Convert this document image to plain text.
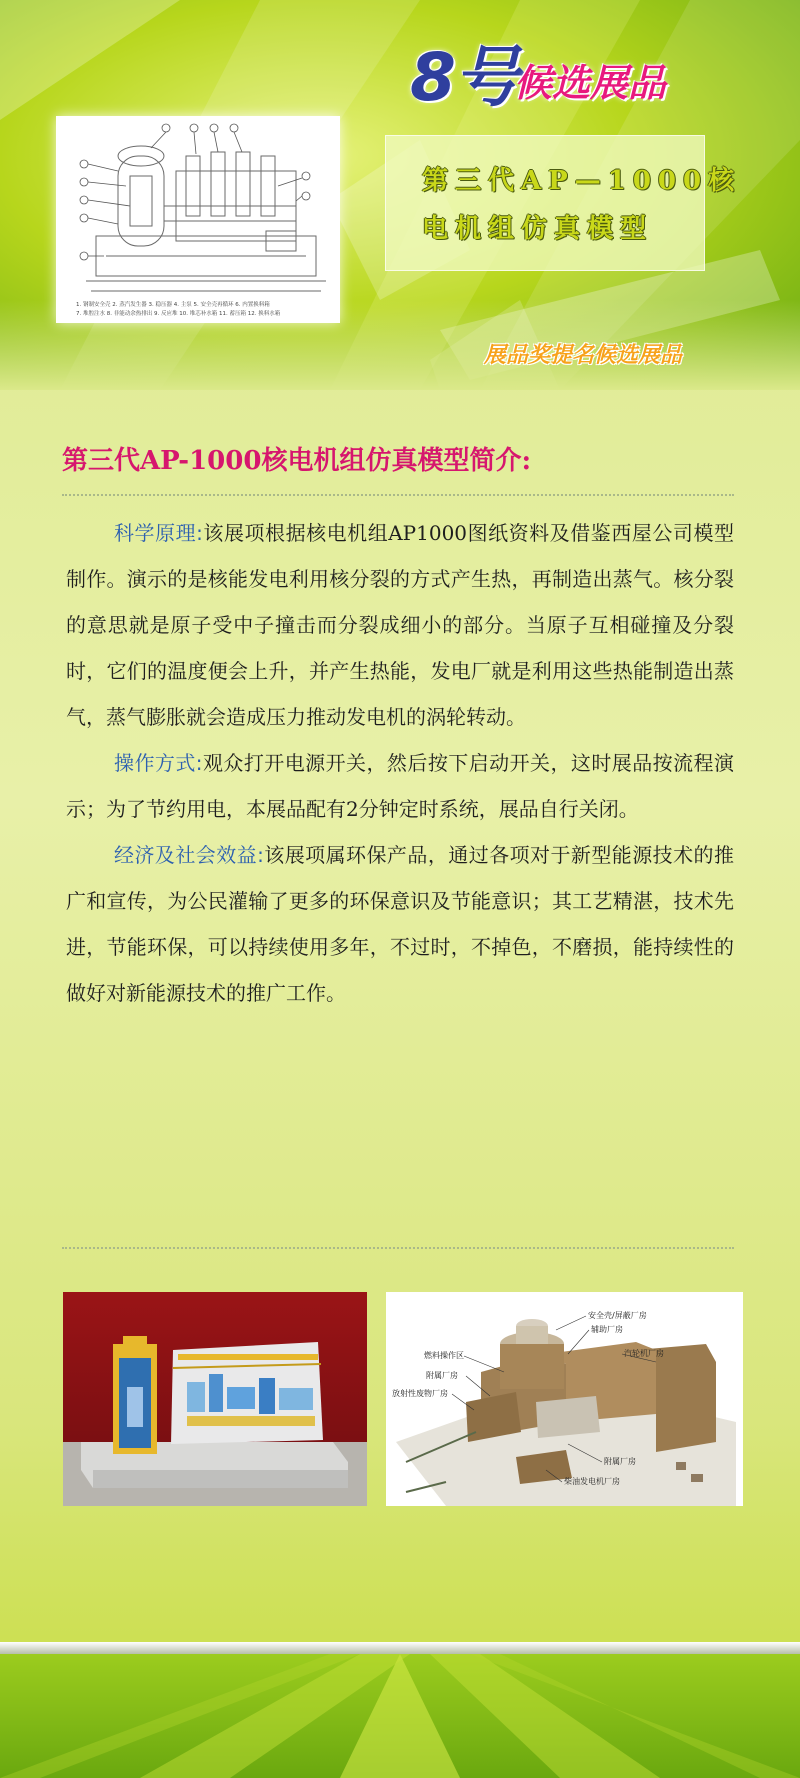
8号
候选展品
1. 钢制安全壳 2. 蒸汽发生器 3. 稳压器 4. 主泵 5. 安全壳再循环 6. 内置换料箱
7. 堆腔注水 8. 非能动余热排出 9. 反应堆 10. 堆芯补水箱 11. 蓄压箱 12. 换料水箱
第三代AP—1000核
电机组仿真模型
展品奖提名候选展品
第三代AP-1000核电机组仿真模型简介:

科学原理:该展项根据核电机组AP1000图纸资料及借鉴西屋公司模型制作。演示的是核能发电利用核分裂的方式产生热，再制造出蒸气。核分裂的意思就是原子受中子撞击而分裂成细小的部分。当原子互相碰撞及分裂时，它们的温度便会上升，并产生热能，发电厂就是利用这些热能制造出蒸气，蒸气膨胀就会造成压力推动发电机的涡轮转动。

操作方式:观众打开电源开关，然后按下启动开关，这时展品按流程演示；为了节约用电，本展品配有2分钟定时系统，展品自行关闭。

经济及社会效益:该展项属环保产品，通过各项对于新型能源技术的推广和宣传，为公民灌输了更多的环保意识及节能意识；其工艺精湛，技术先进，节能环保，可以持续使用多年，不过时，不掉色，不磨损，能持续性的做好对新能源技术的推广工作。

安全壳/屏蔽厂房
辅助厂房
燃料操作区	汽轮机厂房
附属厂房
放射性废物厂房
附属厂房
柴油发电机厂房
